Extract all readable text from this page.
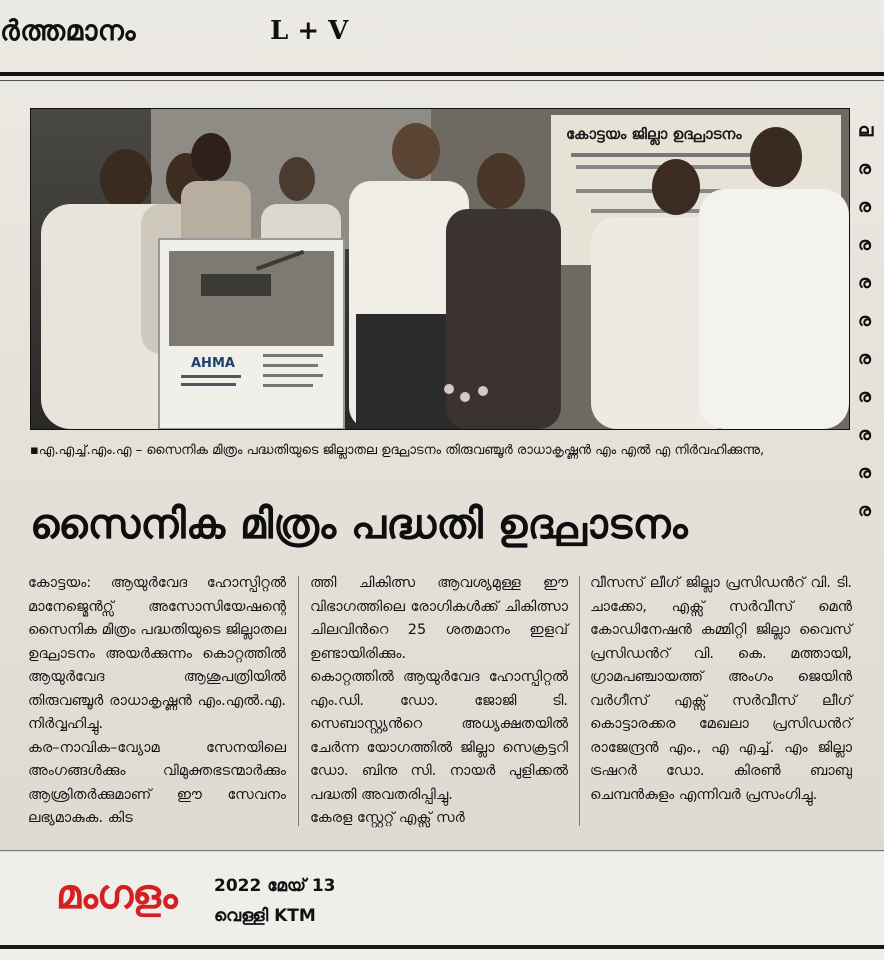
ർത്തമാനം	L + V
കോട്ടയം ജില്ലാ ഉദ്ഘാടനം
AHMA
ല
ര
ര
ര
ര
ര
ര
ര
ര
ര
ര
▪എ.എച്ച്.എം.എ – സൈനിക മിത്രം പദ്ധതിയുടെ ജില്ലാതല ഉദ്ഘാടനം തിരുവഞ്ചൂർ രാധാകൃഷ്ണൻ എം എൽ എ നിർവഹിക്കുന്നു,
സൈനിക മിത്രം പദ്ധതി ഉദ്ഘാടനം

കോട്ടയം: ആയുർവേദ ഹോസ്പിറ്റൽ മാനേജ്മെൻറ്സ് അസോസിയേഷന്റെ സൈനിക മിത്രം പദ്ധതിയുടെ ജില്ലാതല ഉദ്ഘാടനം അയർക്കുന്നം കൊറ്റത്തിൽ ആയുർവേദ ആശുപത്രിയിൽ തിരുവഞ്ചൂർ രാധാകൃഷ്ണൻ എം.എൽ.എ. നിർവ്വഹിച്ചു.

കര–നാവിക–വ്യോമ സേനയിലെ അംഗങ്ങൾക്കും വിമുക്തഭടന്മാർക്കും ആശ്രിതർക്കുമാണ് ഈ സേവനം ലഭ്യമാകുക. കിട

ത്തി ചികിത്സ ആവശ്യമുള്ള ഈ വിഭാഗത്തിലെ രോഗികൾക്ക് ചികിത്സാ ചിലവിൻറെ 25 ശതമാനം ഇളവ് ഉണ്ടായിരിക്കും.

കൊറ്റത്തിൽ ആയുർവേദ ഹോസ്പിറ്റൽ എം.ഡി. ഡോ. ജോജി ടി. സെബാസ്റ്റ്യൻറെ അധ്യക്ഷതയിൽ ചേർന്ന യോഗത്തിൽ ജില്ലാ സെക്രട്ടറി ഡോ. ബിനു സി. നായർ പുളിക്കൽ പദ്ധതി അവതരിപ്പിച്ചു.

കേരള സ്റ്റേറ്റ് എക്സ് സർ

വീസസ് ലീഗ് ജില്ലാ പ്രസിഡൻറ് വി. ടി. ചാക്കോ, എക്സ് സർവീസ് മെൻ കോഡിനേഷൻ കമ്മിറ്റി ജില്ലാ വൈസ് പ്രസിഡൻറ് വി. കെ. മത്തായി, ഗ്രാമപഞ്ചായത്ത് അംഗം ജെയിൻ വർഗീസ് എക്സ് സർവീസ് ലീഗ് കൊട്ടാരക്കര മേഖലാ പ്രസിഡൻറ് രാജേന്ദ്രൻ എം., എ എച്ച്. എം ജില്ലാ ട്രഷറർ ഡോ. കിരൺ ബാബു ചെമ്പൻകുളം എന്നിവർ പ്രസംഗിച്ചു.

മംഗളം 2022 മേയ് 13
വെള്ളി KTM
